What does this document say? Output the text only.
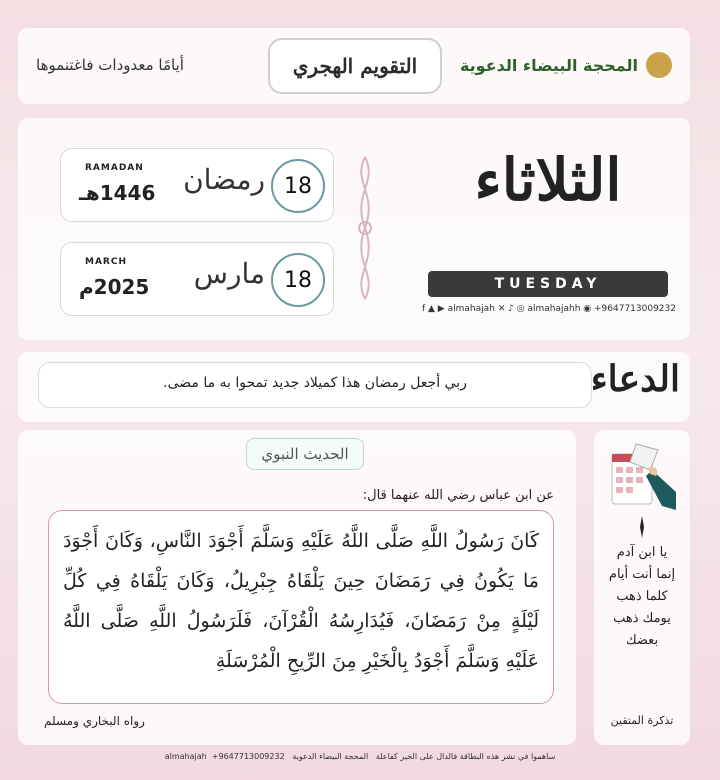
أيامًا معدودات فاغتنموها	التقويم الهجري	المحجة البيضاء الدعوية
18
رمضان
RAMADAN
1446هـ
18
مارس
MARCH
2025م
الثلاثاء
TUESDAY
f ▲ ▶ almahajah ✕ ♪ ◎ almahajahh ◉ +9647713009232
ربي أجعل رمضان هذا كميلاد جديد تمحوا به ما مضى.	الدعاء
الحديث النبوي
عن ابن عباس رضي الله عنهما قال:
كَانَ رَسُولُ اللَّهِ صَلَّى اللَّهُ عَلَيْهِ وَسَلَّمَ أَجْوَدَ النَّاسِ، وَكَانَ أَجْوَدَ مَا يَكُونُ فِي رَمَضَانَ حِينَ يَلْقَاهُ جِبْرِيلُ، وَكَانَ يَلْقَاهُ فِي كُلِّ لَيْلَةٍ مِنْ رَمَضَانَ، فَيُدَارِسُهُ الْقُرْآنَ، فَلَرَسُولُ اللَّهِ صَلَّى اللَّهُ عَلَيْهِ وَسَلَّمَ أَجْوَدُ بِالْخَيْرِ مِنَ الرِّيحِ الْمُرْسَلَةِ
رواه البخاري ومسلم
يا ابن آدم
إنما أنت أيام
كلما ذهب
يومك ذهب
بعضك
تذكرة المتقين
ساهموا في نشر هذه البطاقة فالدال على الخير كفاعلة   المحجة البيضاء الدعوية   almahajah +9647713009232
